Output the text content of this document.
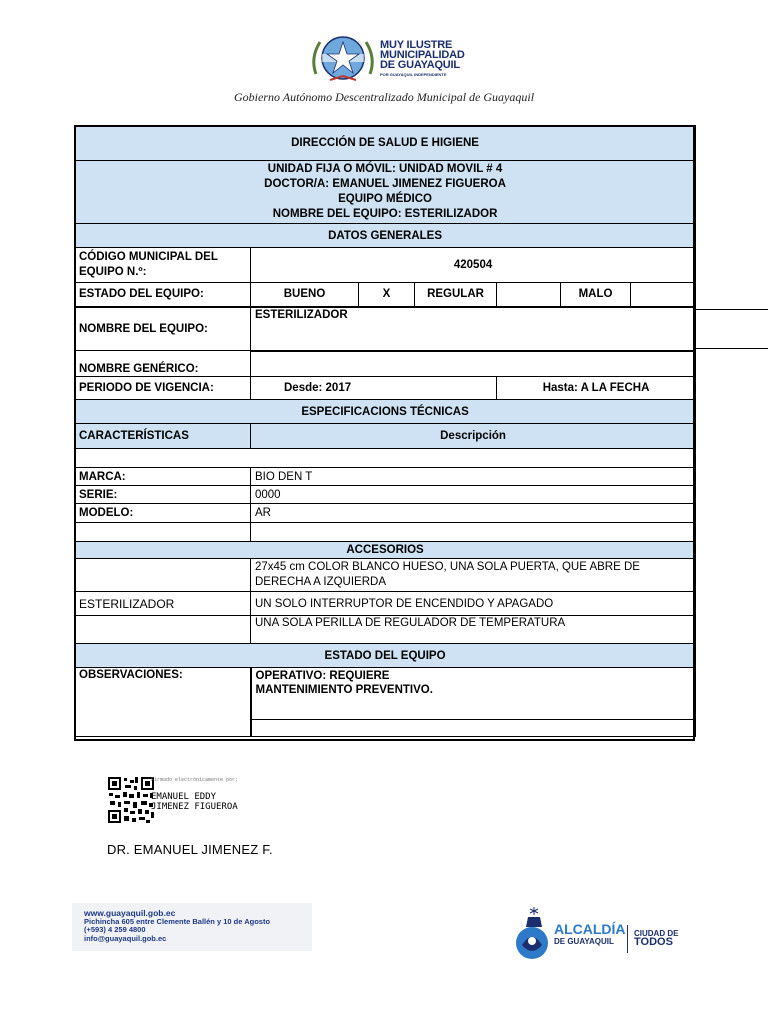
MUY ILUSTRE
MUNICIPALIDAD
DE GUAYAQUIL
POR GUAYAQUIL INDEPENDIENTE
Gobierno Autónomo Descentralizado Municipal de Guayaquil
DIRECCIÓN DE SALUD E HIGIENE						

UNIDAD FIJA O MÓVIL: UNIDAD MOVIL # 4
DOCTOR/A: EMANUEL JIMENEZ FIGUEROA
EQUIPO MÉDICO
NOMBRE DEL EQUIPO: ESTERILIZADOR						

DATOS GENERALES						
CÓDIGO MUNICIPAL DEL EQUIPO N.º:	420504					
ESTADO DEL EQUIPO:	BUENO	X	REGULAR		MALO	
NOMBRE DEL EQUIPO:	ESTERILIZADOR					
NOMBRE GENÉRICO:						
PERIODO DE VIGENCIA:	Desde: 2017			Hasta: A LA FECHA		
ESPECIFICACIONS TÉCNICAS						
CARACTERÍSTICAS	Descripción					

MARCA:	BIO DEN T					
SERIE:	0000					
MODELO:	AR					

ACCESORIOS						
	27x45 cm COLOR BLANCO HUESO, UNA SOLA PUERTA, QUE ABRE DE DERECHA A IZQUIERDA					
ESTERILIZADOR	UN SOLO INTERRUPTOR DE ENCENDIDO Y APAGADO					
	UNA SOLA PERILLA DE REGULADOR DE TEMPERATURA					
ESTADO DEL EQUIPO						
OBSERVACIONES:	OPERATIVO: REQUIERE MANTENIMIENTO PREVENTIVO.					

Firmado electrónicamente por:
EMANUEL EDDY
JIMENEZ FIGUEROA
DR. EMANUEL JIMENEZ F.
www.guayaquil.gob.ec
Pichincha 605 entre Clemente Ballén y 10 de Agosto
(+593) 4 259 4800
info@guayaquil.gob.ec
ALCALDÍA
DE GUAYAQUIL
CIUDAD DE
TODOS
